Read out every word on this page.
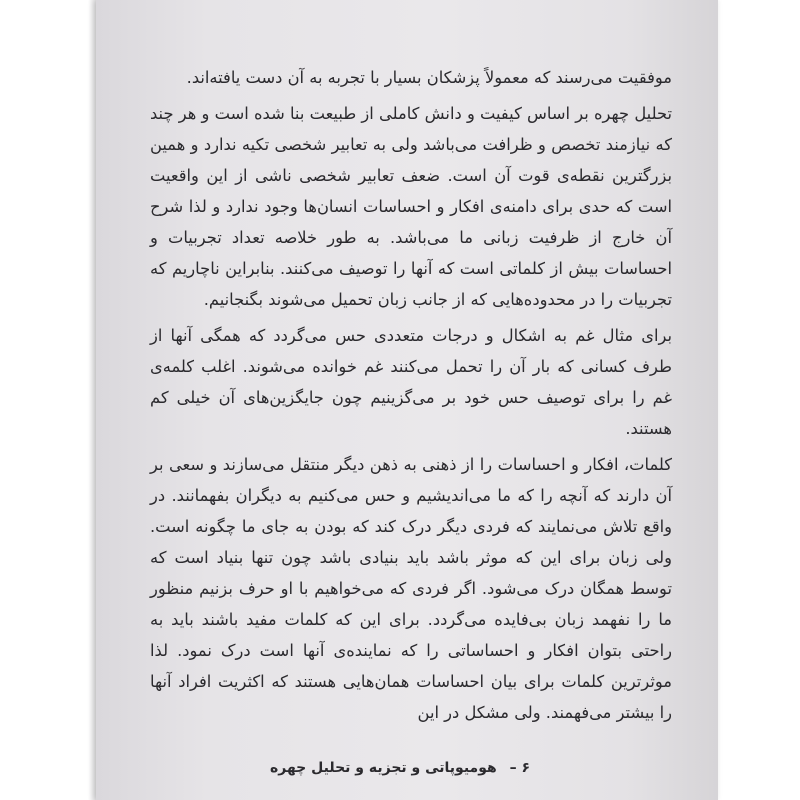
موفقیت می‌رسند که معمولاً پزشکان بسیار با تجربه به آن دست یافته‌اند.

تحلیل چهره بر اساس کیفیت و دانش کاملی از طبیعت بنا شده است و هر چند که نیازمند تخصص و ظرافت می‌باشد ولی به تعابیر شخصی تکیه ندارد و همین بزرگترین نقطه‌ی قوت آن است. ضعف تعابیر شخصی ناشی از این واقعیت است که حدی برای دامنه‌ی افکار و احساسات انسان‌ها وجود ندارد و لذا شرح آن خارج از ظرفیت زبانی ما می‌باشد. به طور خلاصه تعداد تجربیات و احساسات بیش از کلماتی است که آنها را توصیف می‌کنند. بنابراین ناچاریم که تجربیات را در محدوده‌هایی که از جانب زبان تحمیل می‌شوند بگنجانیم.

برای مثال غم به اشکال و درجات متعددی حس می‌گردد که همگی آنها از طرف کسانی که بار آن را تحمل می‌کنند غم خوانده می‌شوند. اغلب کلمه‌ی غم را برای توصیف حس خود بر می‌گزینیم چون جایگزین‌های آن خیلی کم هستند.

کلمات، افکار و احساسات را از ذهنی به ذهن دیگر منتقل می‌سازند و سعی بر آن دارند که آنچه را که ما می‌اندیشیم و حس می‌کنیم به دیگران بفهمانند. در واقع تلاش می‌نمایند که فردی دیگر درک کند که بودن به جای ما چگونه است. ولی زبان برای این که موثر باشد باید بنیادی باشد چون تنها بنیاد است که توسط همگان درک می‌شود. اگر فردی که می‌خواهیم با او حرف بزنیم منظور ما را نفهمد زبان بی‌فایده می‌گردد. برای این که کلمات مفید باشند باید به راحتی بتوان افکار و احساساتی را که نماینده‌ی آنها است درک نمود. لذا موثرترین کلمات برای بیان احساسات همان‌هایی هستند که اکثریت افراد آنها را بیشتر می‌فهمند. ولی مشکل در این

۶ – هومیوپاتی و تجزیه و تحلیل چهره
